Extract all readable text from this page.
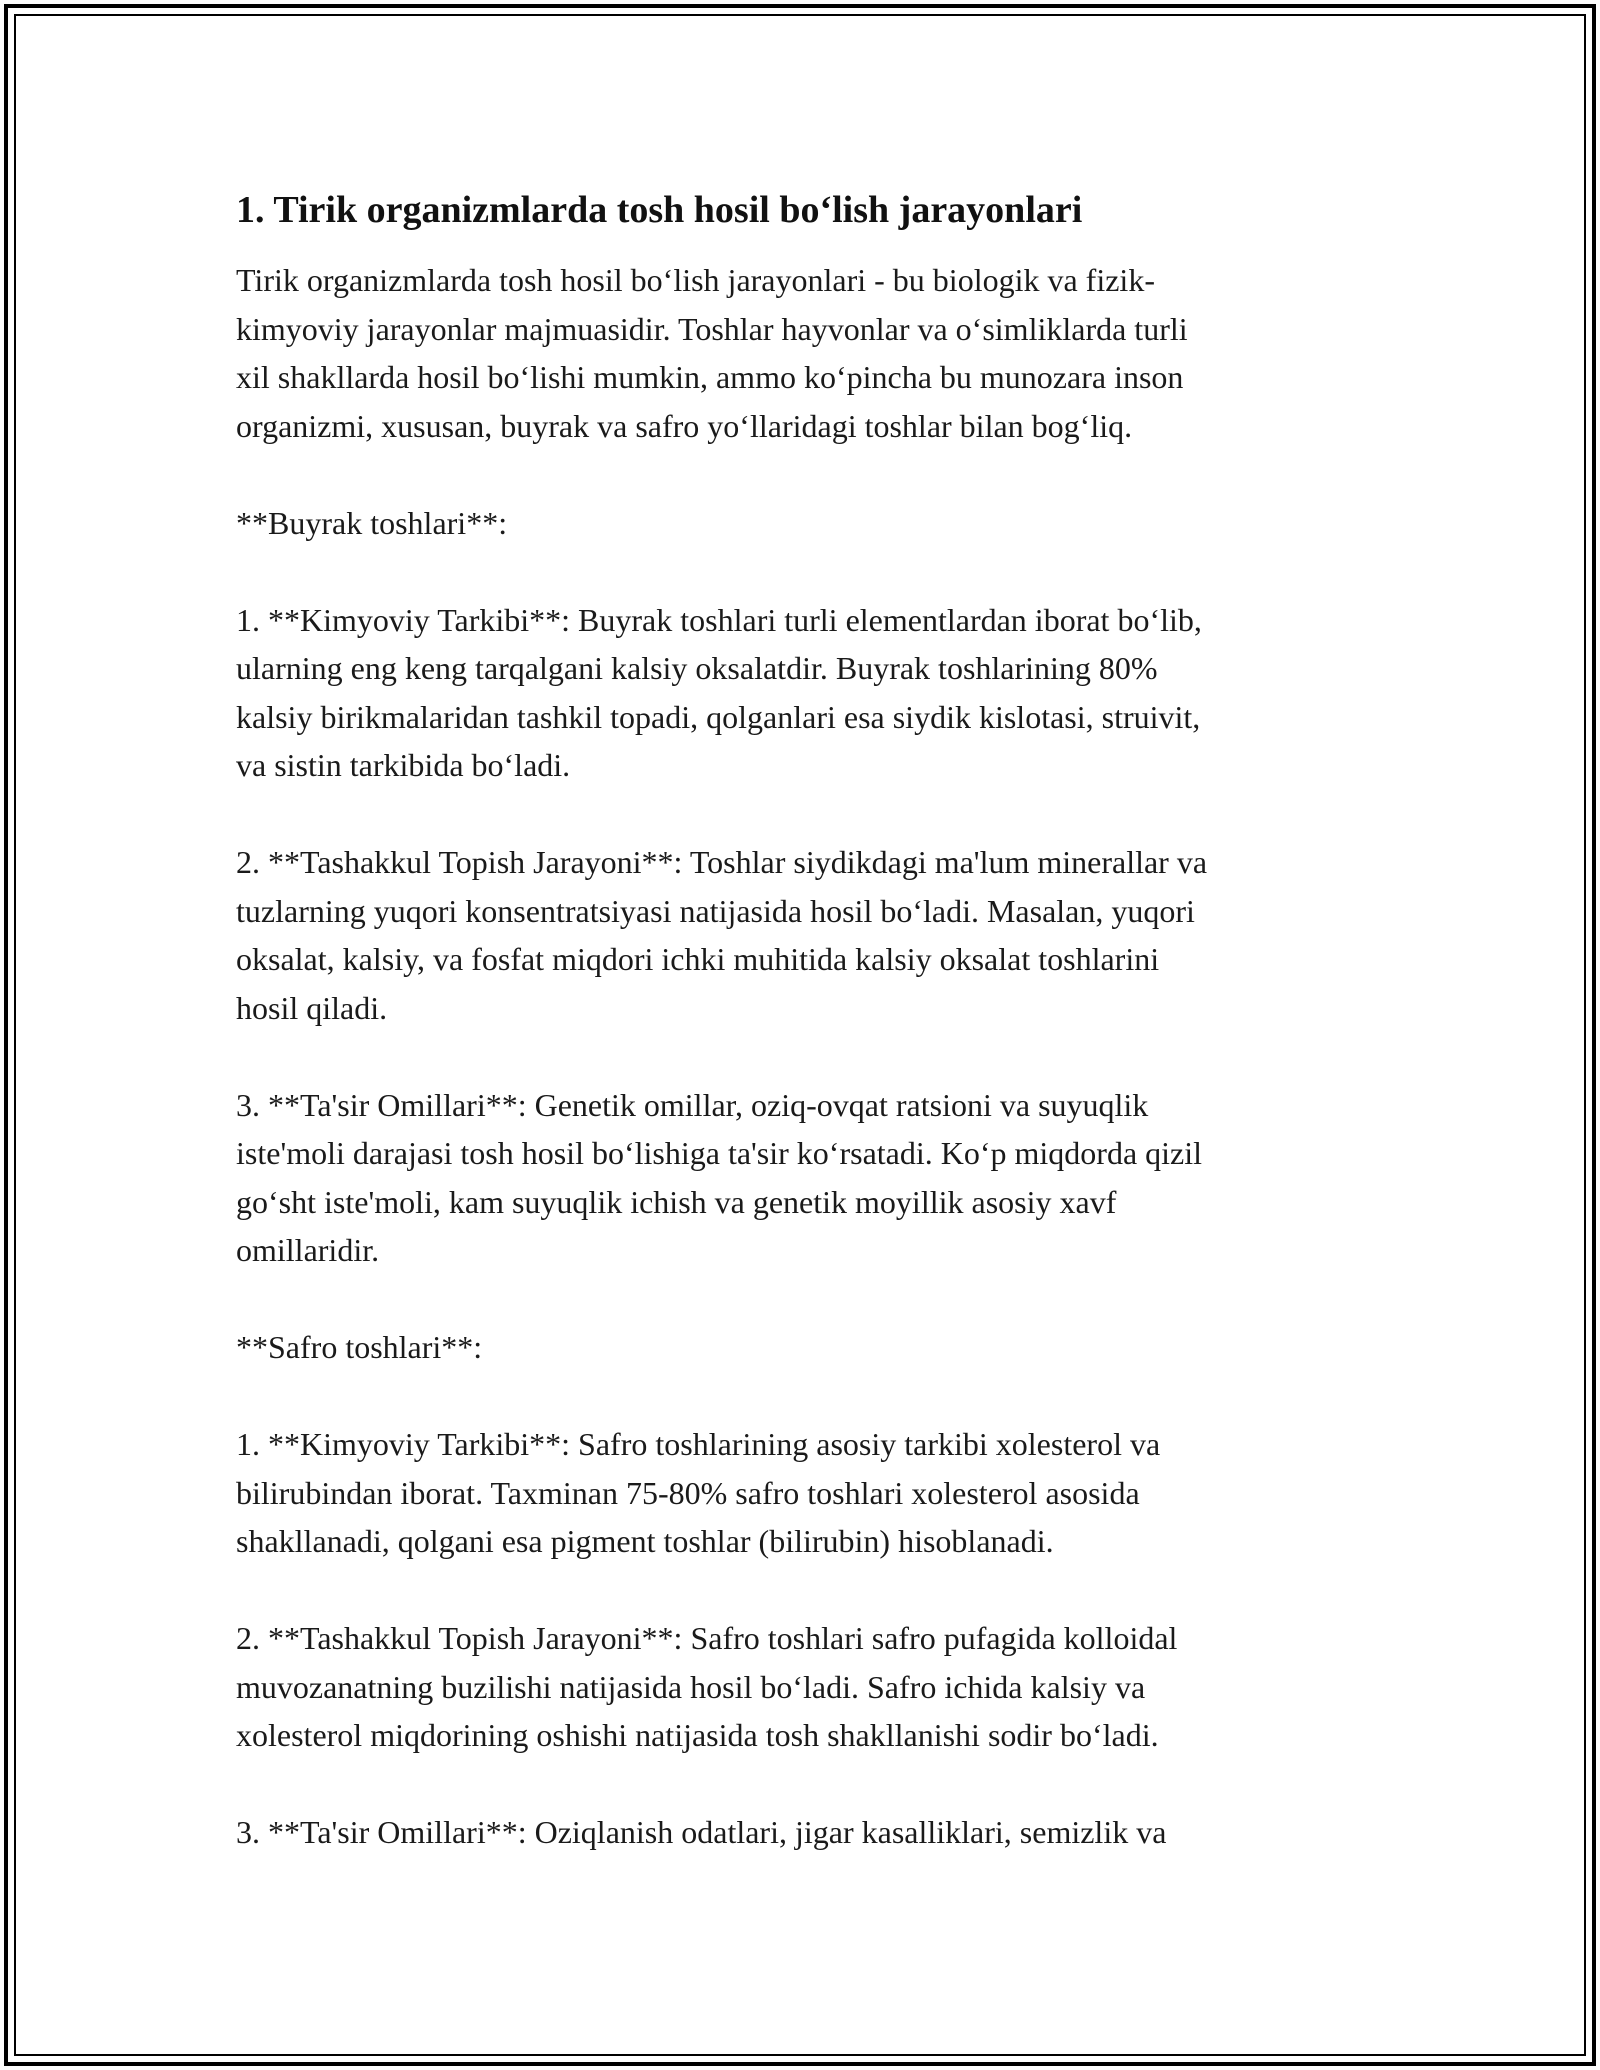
1. Tirik organizmlarda tosh hosil bo‘lish jarayonlari

Tirik organizmlarda tosh hosil bo‘lish jarayonlari - bu biologik va fizik-
kimyoviy jarayonlar majmuasidir. Toshlar hayvonlar va o‘simliklarda turli
xil shakllarda hosil bo‘lishi mumkin, ammo ko‘pincha bu munozara inson
organizmi, xususan, buyrak va safro yo‘llaridagi toshlar bilan bog‘liq.

**Buyrak toshlari**:

1. **Kimyoviy Tarkibi**: Buyrak toshlari turli elementlardan iborat bo‘lib,
ularning eng keng tarqalgani kalsiy oksalatdir. Buyrak toshlarining 80%
kalsiy birikmalaridan tashkil topadi, qolganlari esa siydik kislotasi, struivit,
va sistin tarkibida bo‘ladi.

2. **Tashakkul Topish Jarayoni**: Toshlar siydikdagi ma'lum minerallar va
tuzlarning yuqori konsentratsiyasi natijasida hosil bo‘ladi. Masalan, yuqori
oksalat, kalsiy, va fosfat miqdori ichki muhitida kalsiy oksalat toshlarini
hosil qiladi.

3. **Ta'sir Omillari**: Genetik omillar, oziq-ovqat ratsioni va suyuqlik
iste'moli darajasi tosh hosil bo‘lishiga ta'sir ko‘rsatadi. Ko‘p miqdorda qizil
go‘sht iste'moli, kam suyuqlik ichish va genetik moyillik asosiy xavf
omillaridir.

**Safro toshlari**:

1. **Kimyoviy Tarkibi**: Safro toshlarining asosiy tarkibi xolesterol va
bilirubindan iborat. Taxminan 75-80% safro toshlari xolesterol asosida
shakllanadi, qolgani esa pigment toshlar (bilirubin) hisoblanadi.

2. **Tashakkul Topish Jarayoni**: Safro toshlari safro pufagida kolloidal
muvozanatning buzilishi natijasida hosil bo‘ladi. Safro ichida kalsiy va
xolesterol miqdorining oshishi natijasida tosh shakllanishi sodir bo‘ladi.

3. **Ta'sir Omillari**: Oziqlanish odatlari, jigar kasalliklari, semizlik va
